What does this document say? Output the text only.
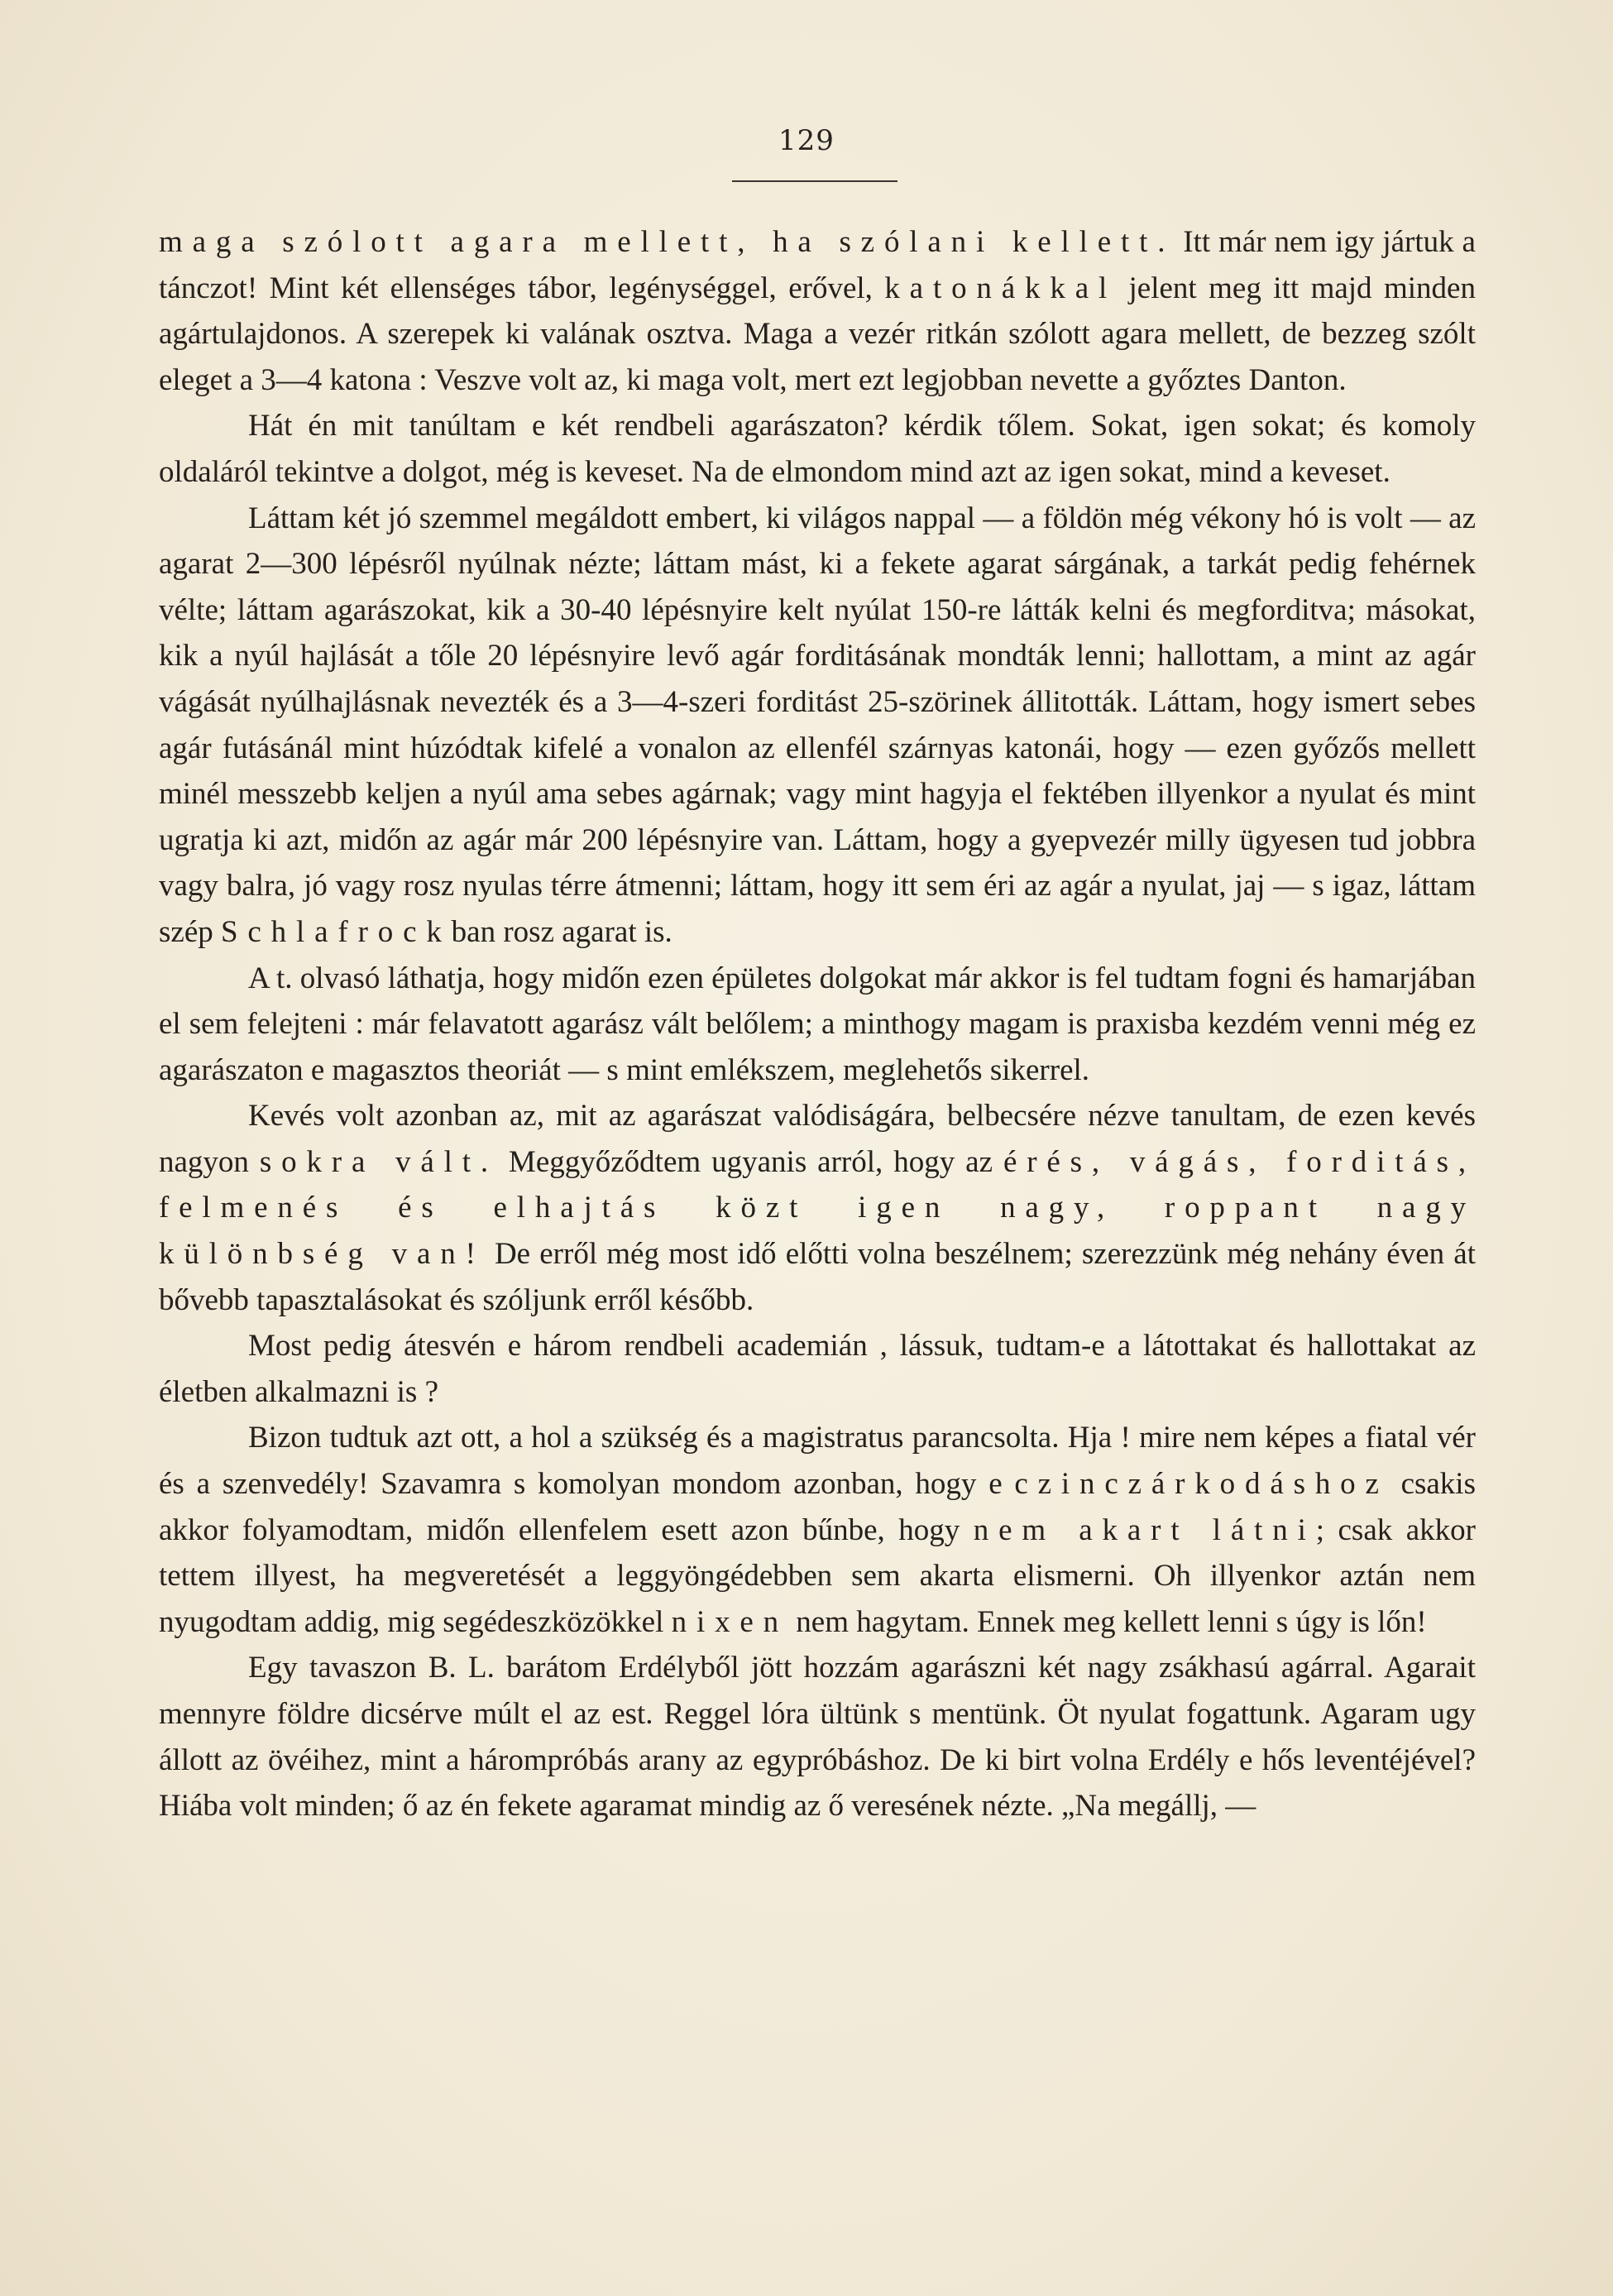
129

maga szólott agara mellett, ha szólani kellett. Itt már nem igy jártuk a tánczot! Mint két ellenséges tábor, legénységgel, erővel, katonákkal jelent meg itt majd minden agártulajdonos. A szerepek ki valának osztva. Maga a vezér ritkán szólott agara mellett, de bezzeg szólt eleget a 3—4 katona : Veszve volt az, ki maga volt, mert ezt legjobban nevette a győztes Danton.

Hát én mit tanúltam e két rendbeli agarászaton? kérdik tőlem. Sokat, igen sokat; és komoly oldaláról tekintve a dolgot, még is keveset. Na de elmondom mind azt az igen sokat, mind a keveset.

Láttam két jó szemmel megáldott embert, ki világos nappal — a földön még vékony hó is volt — az agarat 2—300 lépésről nyúlnak nézte; láttam mást, ki a fekete agarat sárgának, a tarkát pedig fehérnek vélte; láttam agarászokat, kik a 30-40 lépésnyire kelt nyúlat 150-re látták kelni és megforditva; másokat, kik a nyúl hajlását a tőle 20 lépésnyire levő agár forditásának mondták lenni; hallottam, a mint az agár vágását nyúlhajlásnak nevezték és a 3—4-szeri forditást 25-szörinek állitották. Láttam, hogy ismert sebes agár futásánál mint húzódtak kifelé a vonalon az ellenfél szárnyas katonái, hogy — ezen győzős mellett minél messzebb keljen a nyúl ama sebes agárnak; vagy mint hagyja el fektében illyenkor a nyulat és mint ugratja ki azt, midőn az agár már 200 lépésnyire van. Láttam, hogy a gyepvezér milly ügyesen tud jobbra vagy balra, jó vagy rosz nyulas térre átmenni; láttam, hogy itt sem éri az agár a nyulat, jaj — s igaz, láttam szép Schlafrockban rosz agarat is.

A t. olvasó láthatja, hogy midőn ezen épületes dolgokat már akkor is fel tudtam fogni és hamarjában el sem felejteni : már felavatott agarász vált belőlem; a minthogy magam is praxisba kezdém venni még ez agarászaton e magasztos theoriát — s mint emlékszem, meglehetős sikerrel.

Kevés volt azonban az, mit az agarászat valódiságára, belbecsére nézve tanultam, de ezen kevés nagyon sokra vált. Meggyőződtem ugyanis arról, hogy az érés, vágás, forditás, felmenés és elhajtás közt igen nagy, roppant nagy különbség van! De erről még most idő előtti volna beszélnem; szerezzünk még nehány éven át bővebb tapasztalásokat és szóljunk erről később.

Most pedig átesvén e három rendbeli academián , lássuk, tudtam-e a látottakat és hallottakat az életben alkalmazni is ?

Bizon tudtuk azt ott, a hol a szükség és a magistratus parancsolta. Hja ! mire nem képes a fiatal vér és a szenvedély! Szavamra s komolyan mondom azonban, hogy e czinczárkodáshoz csakis akkor folyamodtam, midőn ellenfelem esett azon bűnbe, hogy nem akart látni; csak akkor tettem illyest, ha megveretését a leggyöngédebben sem akarta elismerni. Oh illyenkor aztán nem nyugodtam addig, mig segédeszközökkel nixen nem hagytam. Ennek meg kellett lenni s úgy is lőn!

Egy tavaszon B. L. barátom Erdélyből jött hozzám agarászni két nagy zsákhasú agárral. Agarait mennyre földre dicsérve múlt el az est. Reggel lóra ültünk s mentünk. Öt nyulat fogattunk. Agaram ugy állott az övéihez, mint a hárompróbás arany az egypróbáshoz. De ki birt volna Erdély e hős leventéjével? Hiába volt minden; ő az én fekete agaramat mindig az ő veresének nézte. „Na megállj, —
